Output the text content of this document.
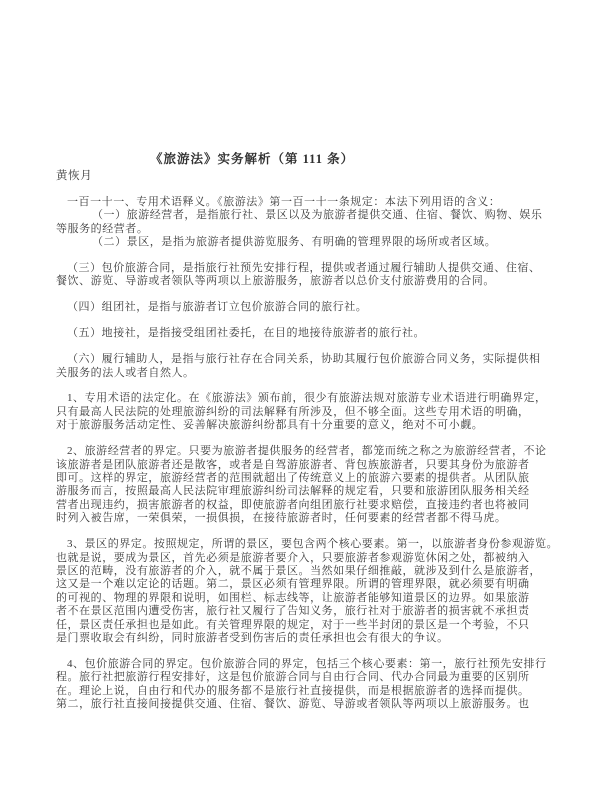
《旅游法》实务解析（第 111 条）
黄恢月

一百一十一、专用术语释义。《旅游法》第一百一十一条规定：本法下列用语的含义：
（一）旅游经营者，是指旅行社、景区以及为旅游者提供交通、住宿、餐饮、购物、娱乐
等服务的经营者。
（二）景区，是指为旅游者提供游览服务、有明确的管理界限的场所或者区域。

（三）包价旅游合同，是指旅行社预先安排行程，提供或者通过履行辅助人提供交通、住宿、
餐饮、游览、导游或者领队等两项以上旅游服务，旅游者以总价支付旅游费用的合同。

（四）组团社，是指与旅游者订立包价旅游合同的旅行社。

（五）地接社，是指接受组团社委托，在目的地接待旅游者的旅行社。

（六）履行辅助人，是指与旅行社存在合同关系，协助其履行包价旅游合同义务，实际提供相
关服务的法人或者自然人。

1、专用术语的法定化。在《旅游法》颁布前，很少有旅游法规对旅游专业术语进行明确界定，
只有最高人民法院的处理旅游纠纷的司法解释有所涉及，但不够全面。这些专用术语的明确，
对于旅游服务活动定性、妥善解决旅游纠纷都具有十分重要的意义，绝对不可小觑。

2、旅游经营者的界定。只要为旅游者提供服务的经营者，都笼而统之称之为旅游经营者，不论
该旅游者是团队旅游者还是散客，或者是自驾游旅游者、背包族旅游者，只要其身份为旅游者
即可。这样的界定，旅游经营者的范围就超出了传统意义上的旅游六要素的提供者。从团队旅
游服务而言，按照最高人民法院审理旅游纠纷司法解释的规定看，只要和旅游团队服务相关经
营者出现违约，损害旅游者的权益，即使旅游者向组团旅行社要求赔偿，直接违约者也将被同
时列入被告席，一荣俱荣，一损俱损，在接待旅游者时，任何要素的经营者都不得马虎。

3、景区的界定。按照规定，所谓的景区，要包含两个核心要素。第一，以旅游者身份参观游览。
也就是说，要成为景区，首先必须是旅游者要介入，只要旅游者参观游览休闲之处，都被纳入
景区的范畴，没有旅游者的介入，就不属于景区。当然如果仔细推敲，就涉及到什么是旅游者，
这又是一个难以定论的话题。第二，景区必须有管理界限。所谓的管理界限，就必须要有明确
的可视的、物理的界限和说明，如围栏、标志线等，让旅游者能够知道景区的边界。如果旅游
者不在景区范围内遭受伤害，旅行社又履行了告知义务，旅行社对于旅游者的损害就不承担责
任，景区责任承担也是如此。有关管理界限的规定，对于一些半封闭的景区是一个考验，不只
是门票收取会有纠纷，同时旅游者受到伤害后的责任承担也会有很大的争议。

4、包价旅游合同的界定。包价旅游合同的界定，包括三个核心要素：第一，旅行社预先安排行
程。旅行社把旅游行程安排好，这是包价旅游合同与自由行合同、代办合同最为重要的区别所
在。理论上说，自由行和代办的服务都不是旅行社直接提供，而是根据旅游者的选择而提供。
第二，旅行社直接间接提供交通、住宿、餐饮、游览、导游或者领队等两项以上旅游服务。也
